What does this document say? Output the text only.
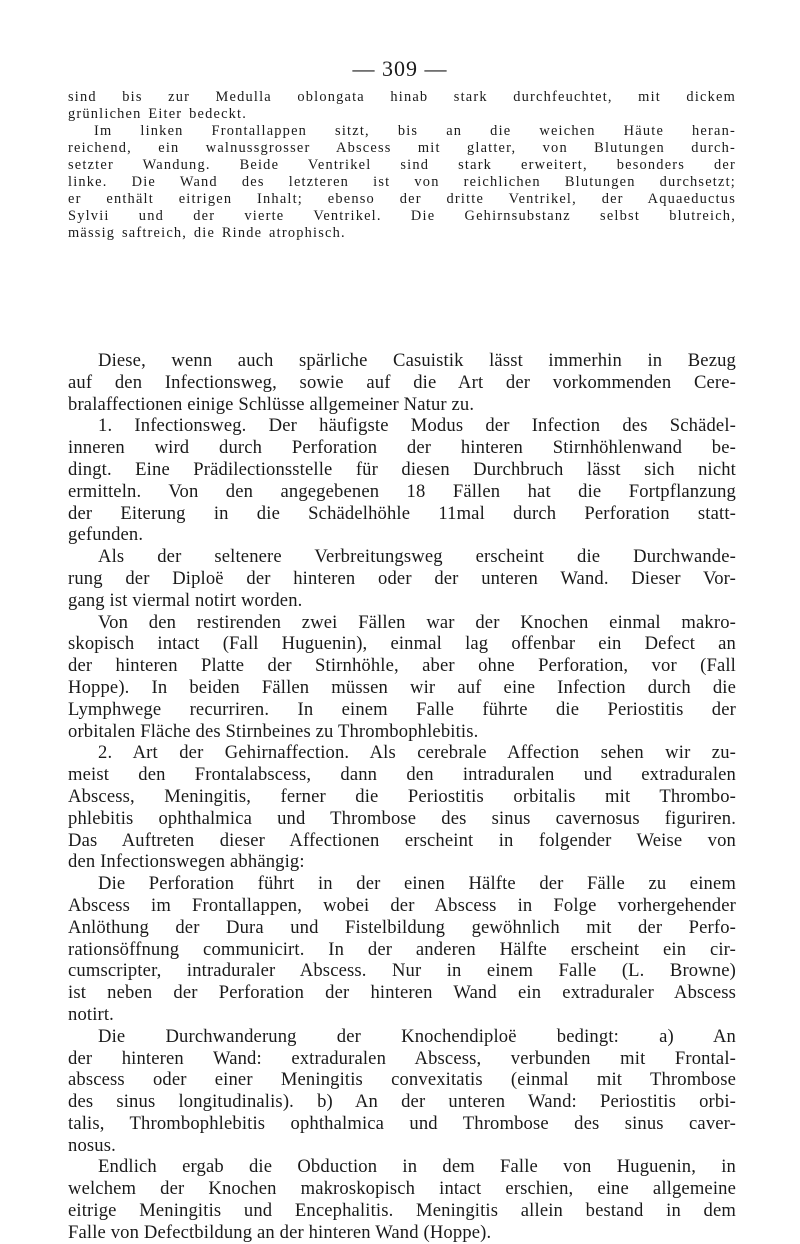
— 309 —
sind bis zur Medulla oblongata hinab stark durchfeuchtet, mit dickem
grünlichen Eiter bedeckt.
Im linken Frontallappen sitzt, bis an die weichen Häute heran-
reichend, ein walnussgrosser Abscess mit glatter, von Blutungen durch-
setzter Wandung. Beide Ventrikel sind stark erweitert, besonders der
linke. Die Wand des letzteren ist von reichlichen Blutungen durchsetzt;
er enthält eitrigen Inhalt; ebenso der dritte Ventrikel, der Aquaeductus
Sylvii und der vierte Ventrikel. Die Gehirnsubstanz selbst blutreich,
mässig saftreich, die Rinde atrophisch.
Diese, wenn auch spärliche Casuistik lässt immerhin in Bezug
auf den Infectionsweg, sowie auf die Art der vorkommenden Cere-
bralaffectionen einige Schlüsse allgemeiner Natur zu.
1. Infectionsweg. Der häufigste Modus der Infection des Schädel-
inneren wird durch Perforation der hinteren Stirnhöhlenwand be-
dingt. Eine Prädilectionsstelle für diesen Durchbruch lässt sich nicht
ermitteln. Von den angegebenen 18 Fällen hat die Fortpflanzung
der Eiterung in die Schädelhöhle 11mal durch Perforation statt-
gefunden.
Als der seltenere Verbreitungsweg erscheint die Durchwande-
rung der Diploë der hinteren oder der unteren Wand. Dieser Vor-
gang ist viermal notirt worden.
Von den restirenden zwei Fällen war der Knochen einmal makro-
skopisch intact (Fall Huguenin), einmal lag offenbar ein Defect an
der hinteren Platte der Stirnhöhle, aber ohne Perforation, vor (Fall
Hoppe). In beiden Fällen müssen wir auf eine Infection durch die
Lymphwege recurriren. In einem Falle führte die Periostitis der
orbitalen Fläche des Stirnbeines zu Thrombophlebitis.
2. Art der Gehirnaffection. Als cerebrale Affection sehen wir zu-
meist den Frontalabscess, dann den intraduralen und extraduralen
Abscess, Meningitis, ferner die Periostitis orbitalis mit Thrombo-
phlebitis ophthalmica und Thrombose des sinus cavernosus figuriren.
Das Auftreten dieser Affectionen erscheint in folgender Weise von
den Infectionswegen abhängig:
Die Perforation führt in der einen Hälfte der Fälle zu einem
Abscess im Frontallappen, wobei der Abscess in Folge vorhergehender
Anlöthung der Dura und Fistelbildung gewöhnlich mit der Perfo-
rationsöffnung communicirt. In der anderen Hälfte erscheint ein cir-
cumscripter, intraduraler Abscess. Nur in einem Falle (L. Browne)
ist neben der Perforation der hinteren Wand ein extraduraler Abscess
notirt.
Die Durchwanderung der Knochendiploë bedingt: a) An
der hinteren Wand: extraduralen Abscess, verbunden mit Frontal-
abscess oder einer Meningitis convexitatis (einmal mit Thrombose
des sinus longitudinalis). b) An der unteren Wand: Periostitis orbi-
talis, Thrombophlebitis ophthalmica und Thrombose des sinus caver-
nosus.
Endlich ergab die Obduction in dem Falle von Huguenin, in
welchem der Knochen makroskopisch intact erschien, eine allgemeine
eitrige Meningitis und Encephalitis. Meningitis allein bestand in dem
Falle von Defectbildung an der hinteren Wand (Hoppe).
